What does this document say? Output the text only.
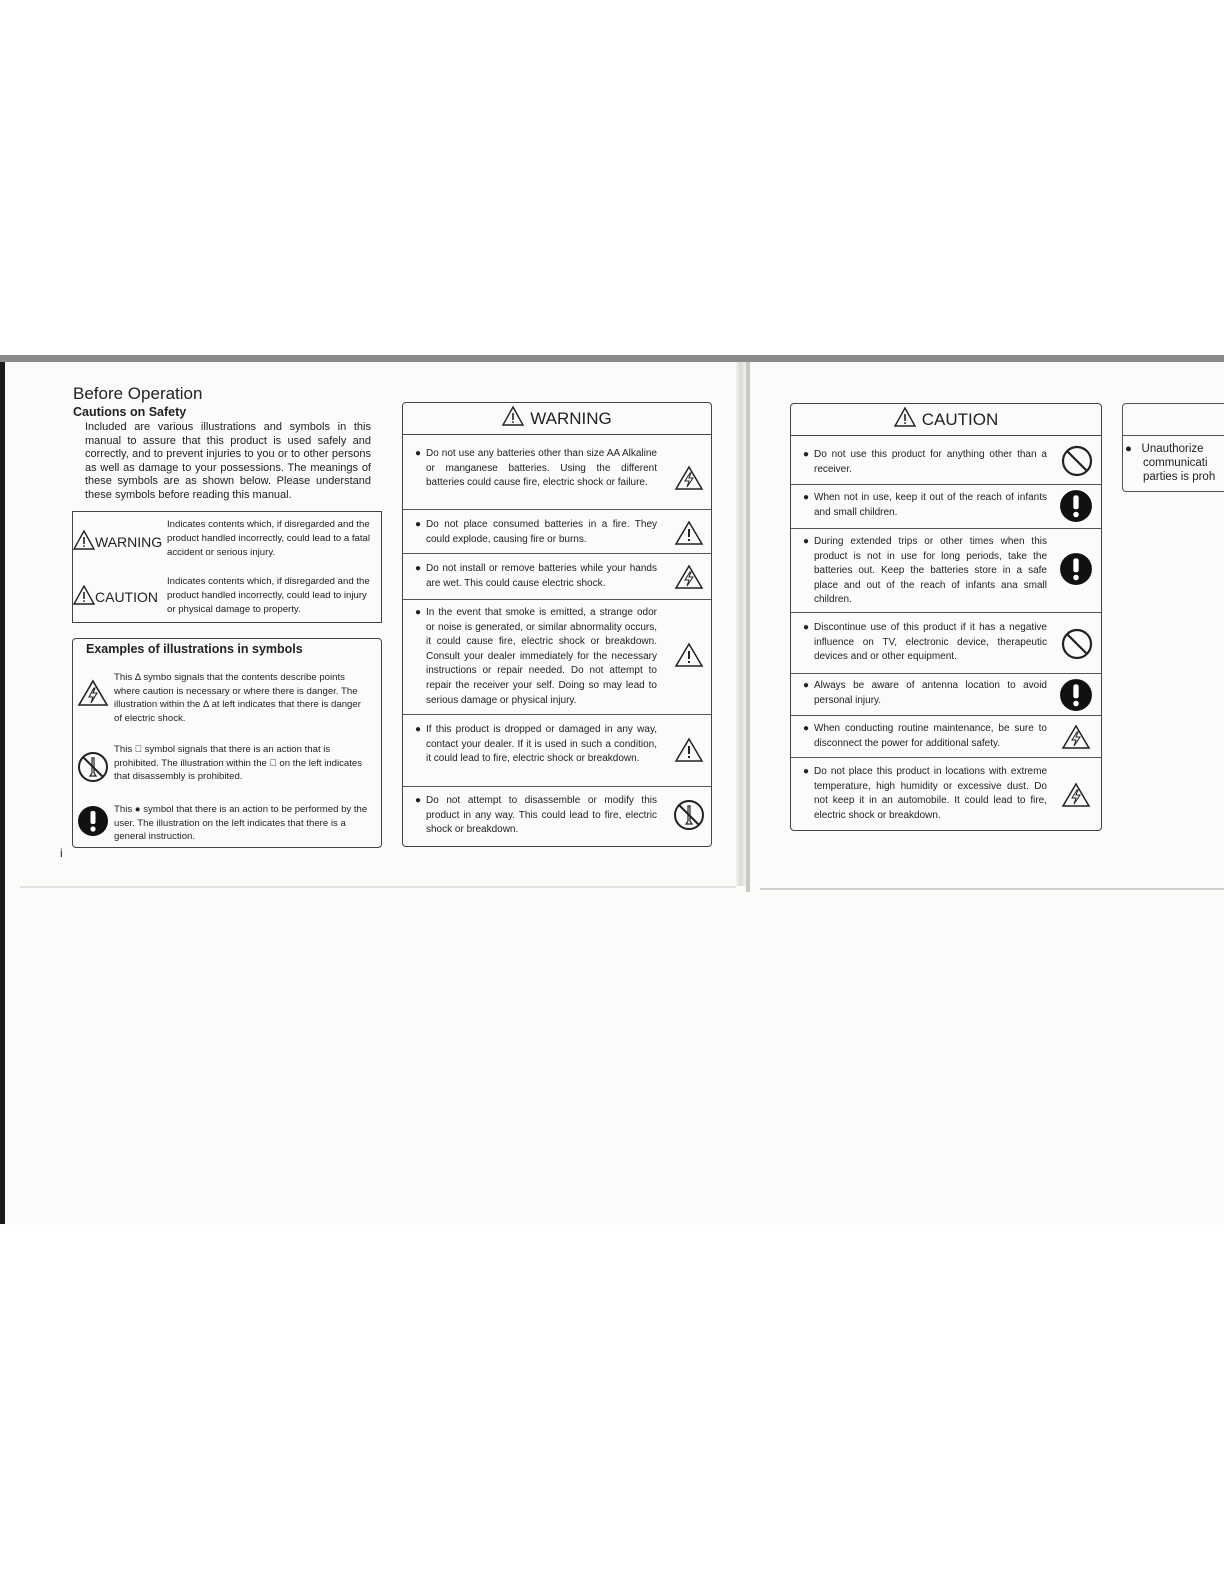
Before Operation
Cautions on Safety
Included are various illustrations and symbols in this manual to assure that this product is used safely and correctly, and to prevent injuries to you or to other persons as well as damage to your possessions. The meanings of these symbols are as shown below. Please understand these symbols before reading this manual.
WARNING
Indicates contents which, if disregarded and the product handled incorrectly, could lead to a fatal accident or serious injury.
CAUTION
Indicates contents which, if disregarded and the product handled incorrectly, could lead to injury or physical damage to property.
Examples of illustrations in symbols
This Δ symbo signals that the contents describe points where caution is necessary or where there is danger. The illustration within the Δ at left indicates that there is danger of electric shock.
This ⃠ symbol signals that there is an action that is prohibited. The illustration within the ⃠ on the left indicates that disassembly is prohibited.
This ● symbol that there is an action to be performed by the user. The illustration on the left indicates that there is a general instruction.
i
WARNING
● Do not use any batteries other than size AA Alkaline or manganese batteries. Using the different batteries could cause fire, electric shock or failure.
● Do not place consumed batteries in a fire. They could explode, causing fire or burns.
● Do not install or remove batteries while your hands are wet. This could cause electric shock.
● In the event that smoke is emitted, a strange odor or noise is generated, or similar abnormality occurs, it could cause fire, electric shock or breakdown. Consult your dealer immediately for the necessary instructions or repair needed. Do not attempt to repair the receiver your self. Doing so may lead to serious damage or physical injury.
● If this product is dropped or damaged in any way, contact your dealer. If it is used in such a condition, it could lead to fire, electric shock or breakdown.
● Do not attempt to disassemble or modify this product in any way. This could lead to fire, electric shock or breakdown.
CAUTION
● Do not use this product for anything other than a receiver.
● When not in use, keep it out of the reach of infants and small children.
● During extended trips or other times when this product is not in use for long periods, take the batteries out. Keep the batteries store in a safe place and out of the reach of infants ana small children.
● Discontinue use of this product if it has a negative influence on TV, electronic device, therapeutic devices and or other equipment.
● Always be aware of antenna location to avoid personal injury.
● When conducting routine maintenance, be sure to disconnect the power for additional safety.
● Do not place this product in locations with extreme temperature, high humidity or excessive dust. Do not keep it in an automobile. It could lead to fire, electric shock or breakdown.
●   Unauthorize
communicati
parties is proh
